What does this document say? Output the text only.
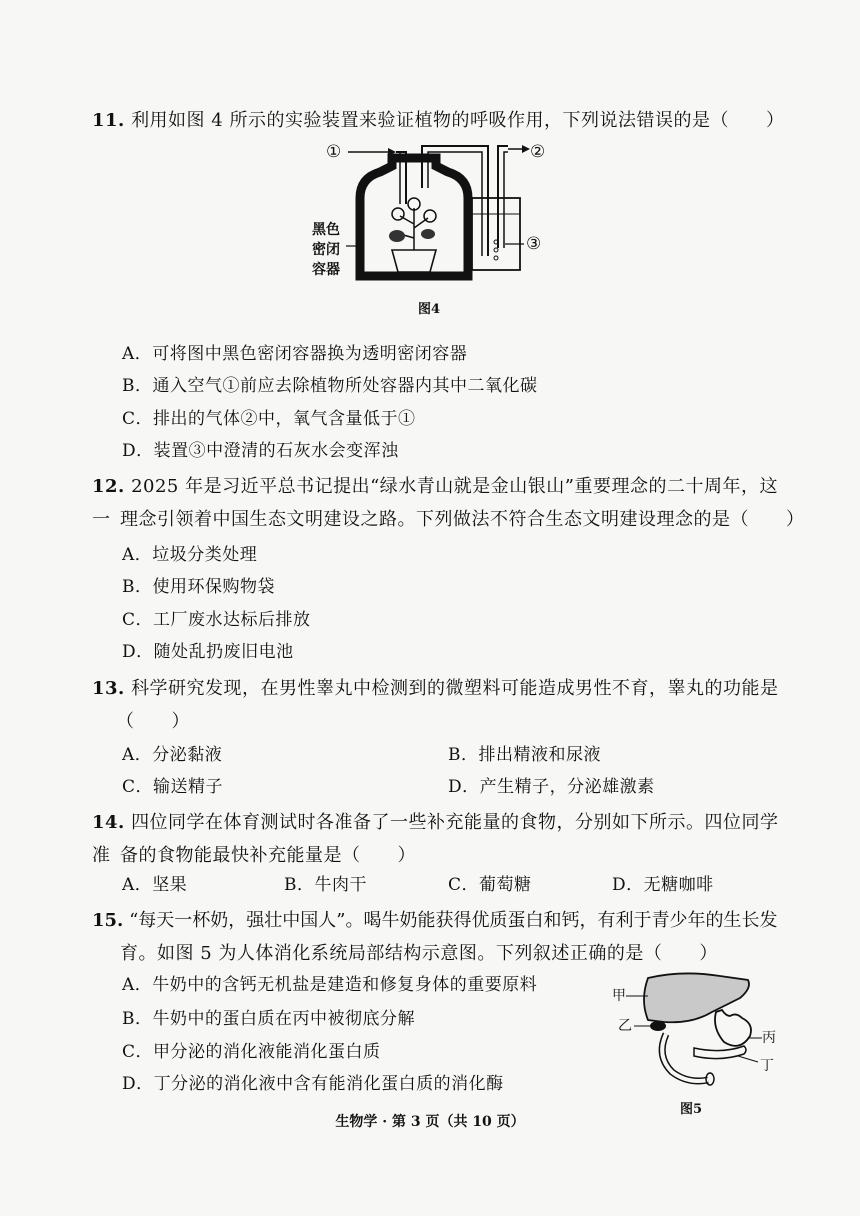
11. 利用如图 4 所示的实验装置来验证植物的呼吸作用，下列说法错误的是（　　）
①	②
③
黑色
密闭
容器
图4
A．可将图中黑色密闭容器换为透明密闭容器
B．通入空气①前应去除植物所处容器内其中二氧化碳
C．排出的气体②中，氧气含量低于①
D．装置③中澄清的石灰水会变浑浊
12. 2025 年是习近平总书记提出“绿水青山就是金山银山”重要理念的二十周年，这一 理念引领着中国生态文明建设之路。下列做法不符合生态文明建设理念的是（　　）
A．垃圾分类处理
B．使用环保购物袋
C．工厂废水达标后排放
D．随处乱扔废旧电池
13. 科学研究发现，在男性睾丸中检测到的微塑料可能造成男性不育，睾丸的功能是
（　　）
A．分泌黏液	B．排出精液和尿液
C．输送精子	D．产生精子，分泌雄激素
14. 四位同学在体育测试时各准备了一些补充能量的食物，分别如下所示。四位同学准 备的食物能最快补充能量是（　　）
A．坚果	B．牛肉干	C．葡萄糖	D．无糖咖啡
15. “每天一杯奶，强壮中国人”。喝牛奶能获得优质蛋白和钙，有利于青少年的生长发
育。如图 5 为人体消化系统局部结构示意图。下列叙述正确的是（　　）
A．牛奶中的含钙无机盐是建造和修复身体的重要原料
B．牛奶中的蛋白质在丙中被彻底分解
C．甲分泌的消化液能消化蛋白质
D．丁分泌的消化液中含有能消化蛋白质的消化酶
甲
乙
丙
丁
图5
生物学 · 第 3 页（共 10 页）
